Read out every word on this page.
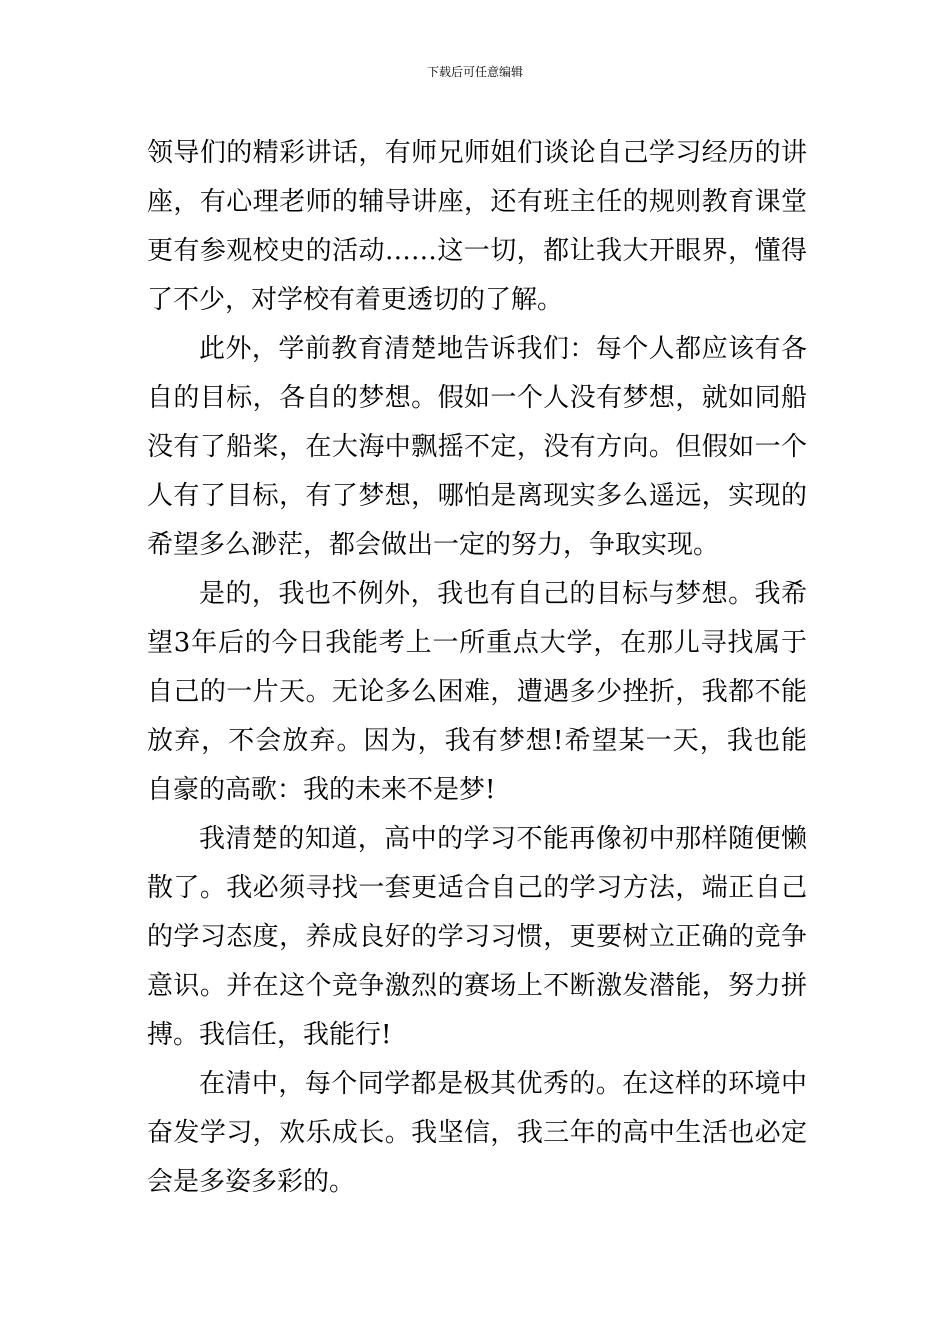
下载后可任意编辑

领导们的精彩讲话，有师兄师姐们谈论自己学习经历的讲座，有心理老师的辅导讲座，还有班主任的规则教育课堂更有参观校史的活动……这一切，都让我大开眼界，懂得了不少，对学校有着更透切的了解。

此外，学前教育清楚地告诉我们：每个人都应该有各自的目标，各自的梦想。假如一个人没有梦想，就如同船没有了船桨，在大海中飘摇不定，没有方向。但假如一个人有了目标，有了梦想，哪怕是离现实多么遥远，实现的希望多么渺茫，都会做出一定的努力，争取实现。

是的，我也不例外，我也有自己的目标与梦想。我希望3年后的今日我能考上一所重点大学，在那儿寻找属于自己的一片天。无论多么困难，遭遇多少挫折，我都不能放弃，不会放弃。因为，我有梦想!希望某一天，我也能自豪的高歌：我的未来不是梦!

我清楚的知道，高中的学习不能再像初中那样随便懒散了。我必须寻找一套更适合自己的学习方法，端正自己的学习态度，养成良好的学习习惯，更要树立正确的竞争意识。并在这个竞争激烈的赛场上不断激发潜能，努力拼搏。我信任，我能行!

在清中，每个同学都是极其优秀的。在这样的环境中奋发学习，欢乐成长。我坚信，我三年的高中生活也必定会是多姿多彩的。
